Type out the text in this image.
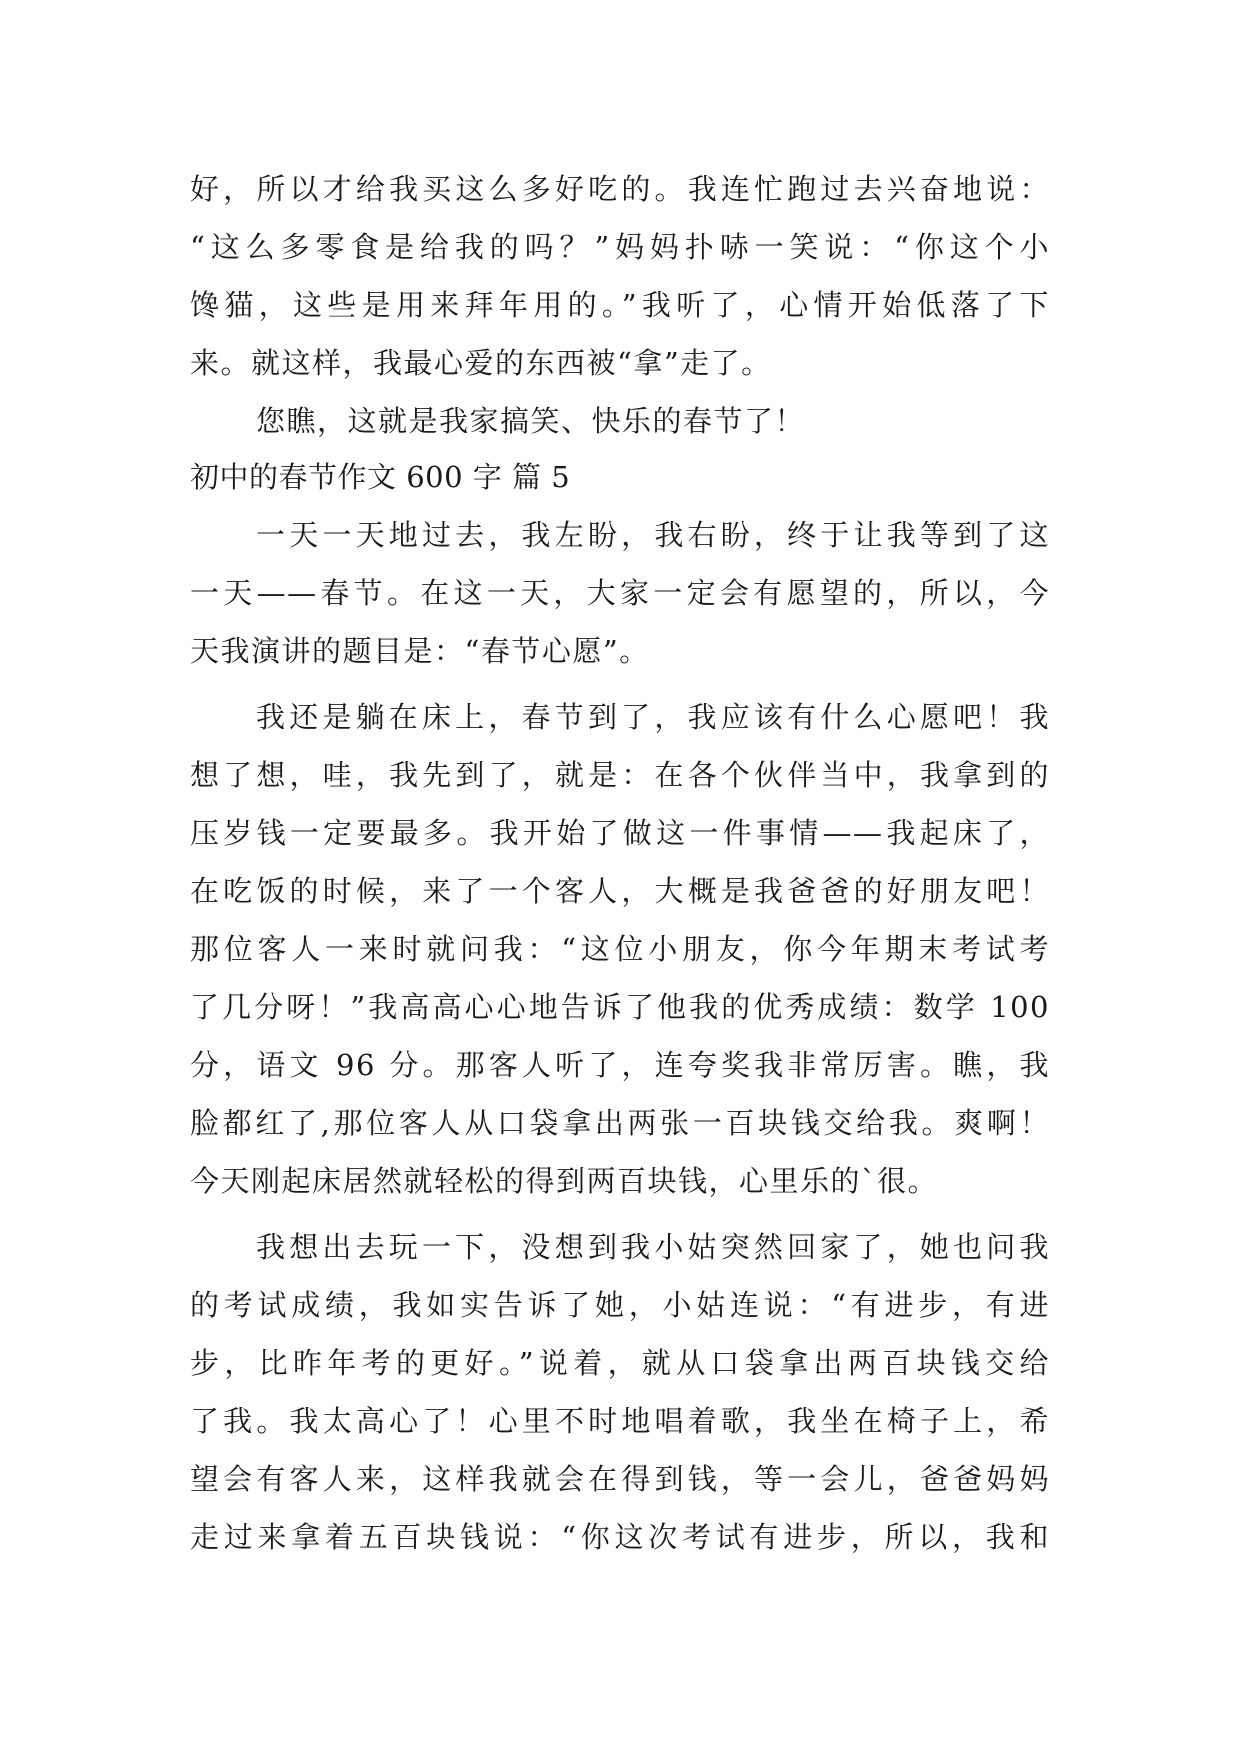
好，所以才给我买这么多好吃的。我连忙跑过去兴奋地说：
“这么多零食是给我的吗？”妈妈扑哧一笑说：“你这个小
馋猫，这些是用来拜年用的。”我听了，心情开始低落了下
来。就这样，我最心爱的东西被“拿”走了。
您瞧，这就是我家搞笑、快乐的春节了！
初中的春节作文 600 字 篇 5
一天一天地过去，我左盼，我右盼，终于让我等到了这
一天——春节。在这一天，大家一定会有愿望的，所以，今
天我演讲的题目是：“春节心愿”。
我还是躺在床上，春节到了，我应该有什么心愿吧！我
想了想，哇，我先到了，就是：在各个伙伴当中，我拿到的
压岁钱一定要最多。我开始了做这一件事情——我起床了，
在吃饭的时候，来了一个客人，大概是我爸爸的好朋友吧！
那位客人一来时就问我：“这位小朋友，你今年期末考试考
了几分呀！”我高高心心地告诉了他我的优秀成绩：数学 100
分，语文 96 分。那客人听了，连夸奖我非常厉害。瞧，我
脸都红了,那位客人从口袋拿出两张一百块钱交给我。爽啊！
今天刚起床居然就轻松的得到两百块钱，心里乐的`很。
我想出去玩一下，没想到我小姑突然回家了，她也问我
的考试成绩，我如实告诉了她，小姑连说：“有进步，有进
步，比昨年考的更好。”说着，就从口袋拿出两百块钱交给
了我。我太高心了！心里不时地唱着歌，我坐在椅子上，希
望会有客人来，这样我就会在得到钱，等一会儿，爸爸妈妈
走过来拿着五百块钱说：“你这次考试有进步，所以，我和
